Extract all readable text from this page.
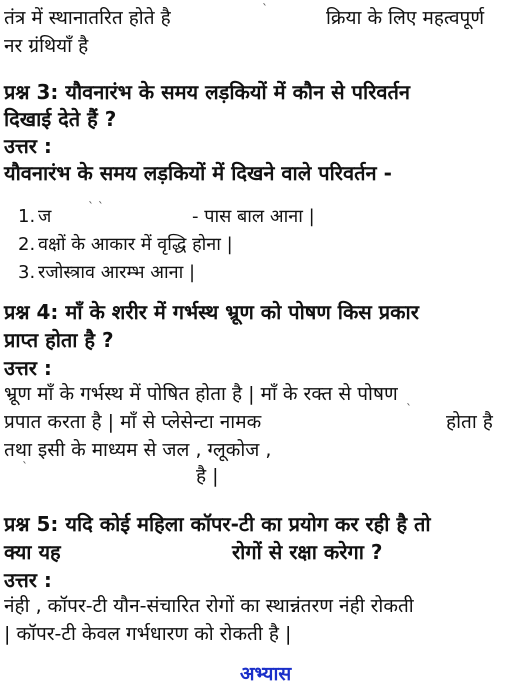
तंत्र में स्थानातरित होते है	ˋ	क्रिया के लिए महत्वपूर्ण
नर ग्रंथियाँ है
प्रश्न 3: यौवनारंभ के समय लड़कियों में कौन से परिवर्तन
दिखाई देते हैं ?
उत्तर :
यौवनारंभ के समय लड़कियों में दिखने वाले परिवर्तन -
1. ज	ˋ ˋ	- पास बाल आना |
2. वक्षों के आकार में वृद्धि होना |
3. रजोस्त्राव आरम्भ आना |
प्रश्न 4: माँ के शरीर में गर्भस्थ भ्रूण को पोषण किस प्रकार
प्राप्त होता है ?
उत्तर :
भ्रूण माँ के गर्भस्थ में पोषित होता है | माँ के रक्त से पोषण
प्रपात करता है | माँ से प्लेसेन्टा नामक
ˋ
होता है
तथा इसी के माध्यम से जल , ग्लूकोज ,
ˋ	है |
प्रश्न 5: यदि कोई महिला कॉपर-टी का प्रयोग कर रही है तो
क्या यह	रोगों से रक्षा करेगा ?
उत्तर :
नंही , कॉपर-टी यौन-संचारित रोगों का स्थान्नंतरण नंही रोकती
| कॉपर-टी केवल गर्भधारण को रोकती है |
अभ्यास
